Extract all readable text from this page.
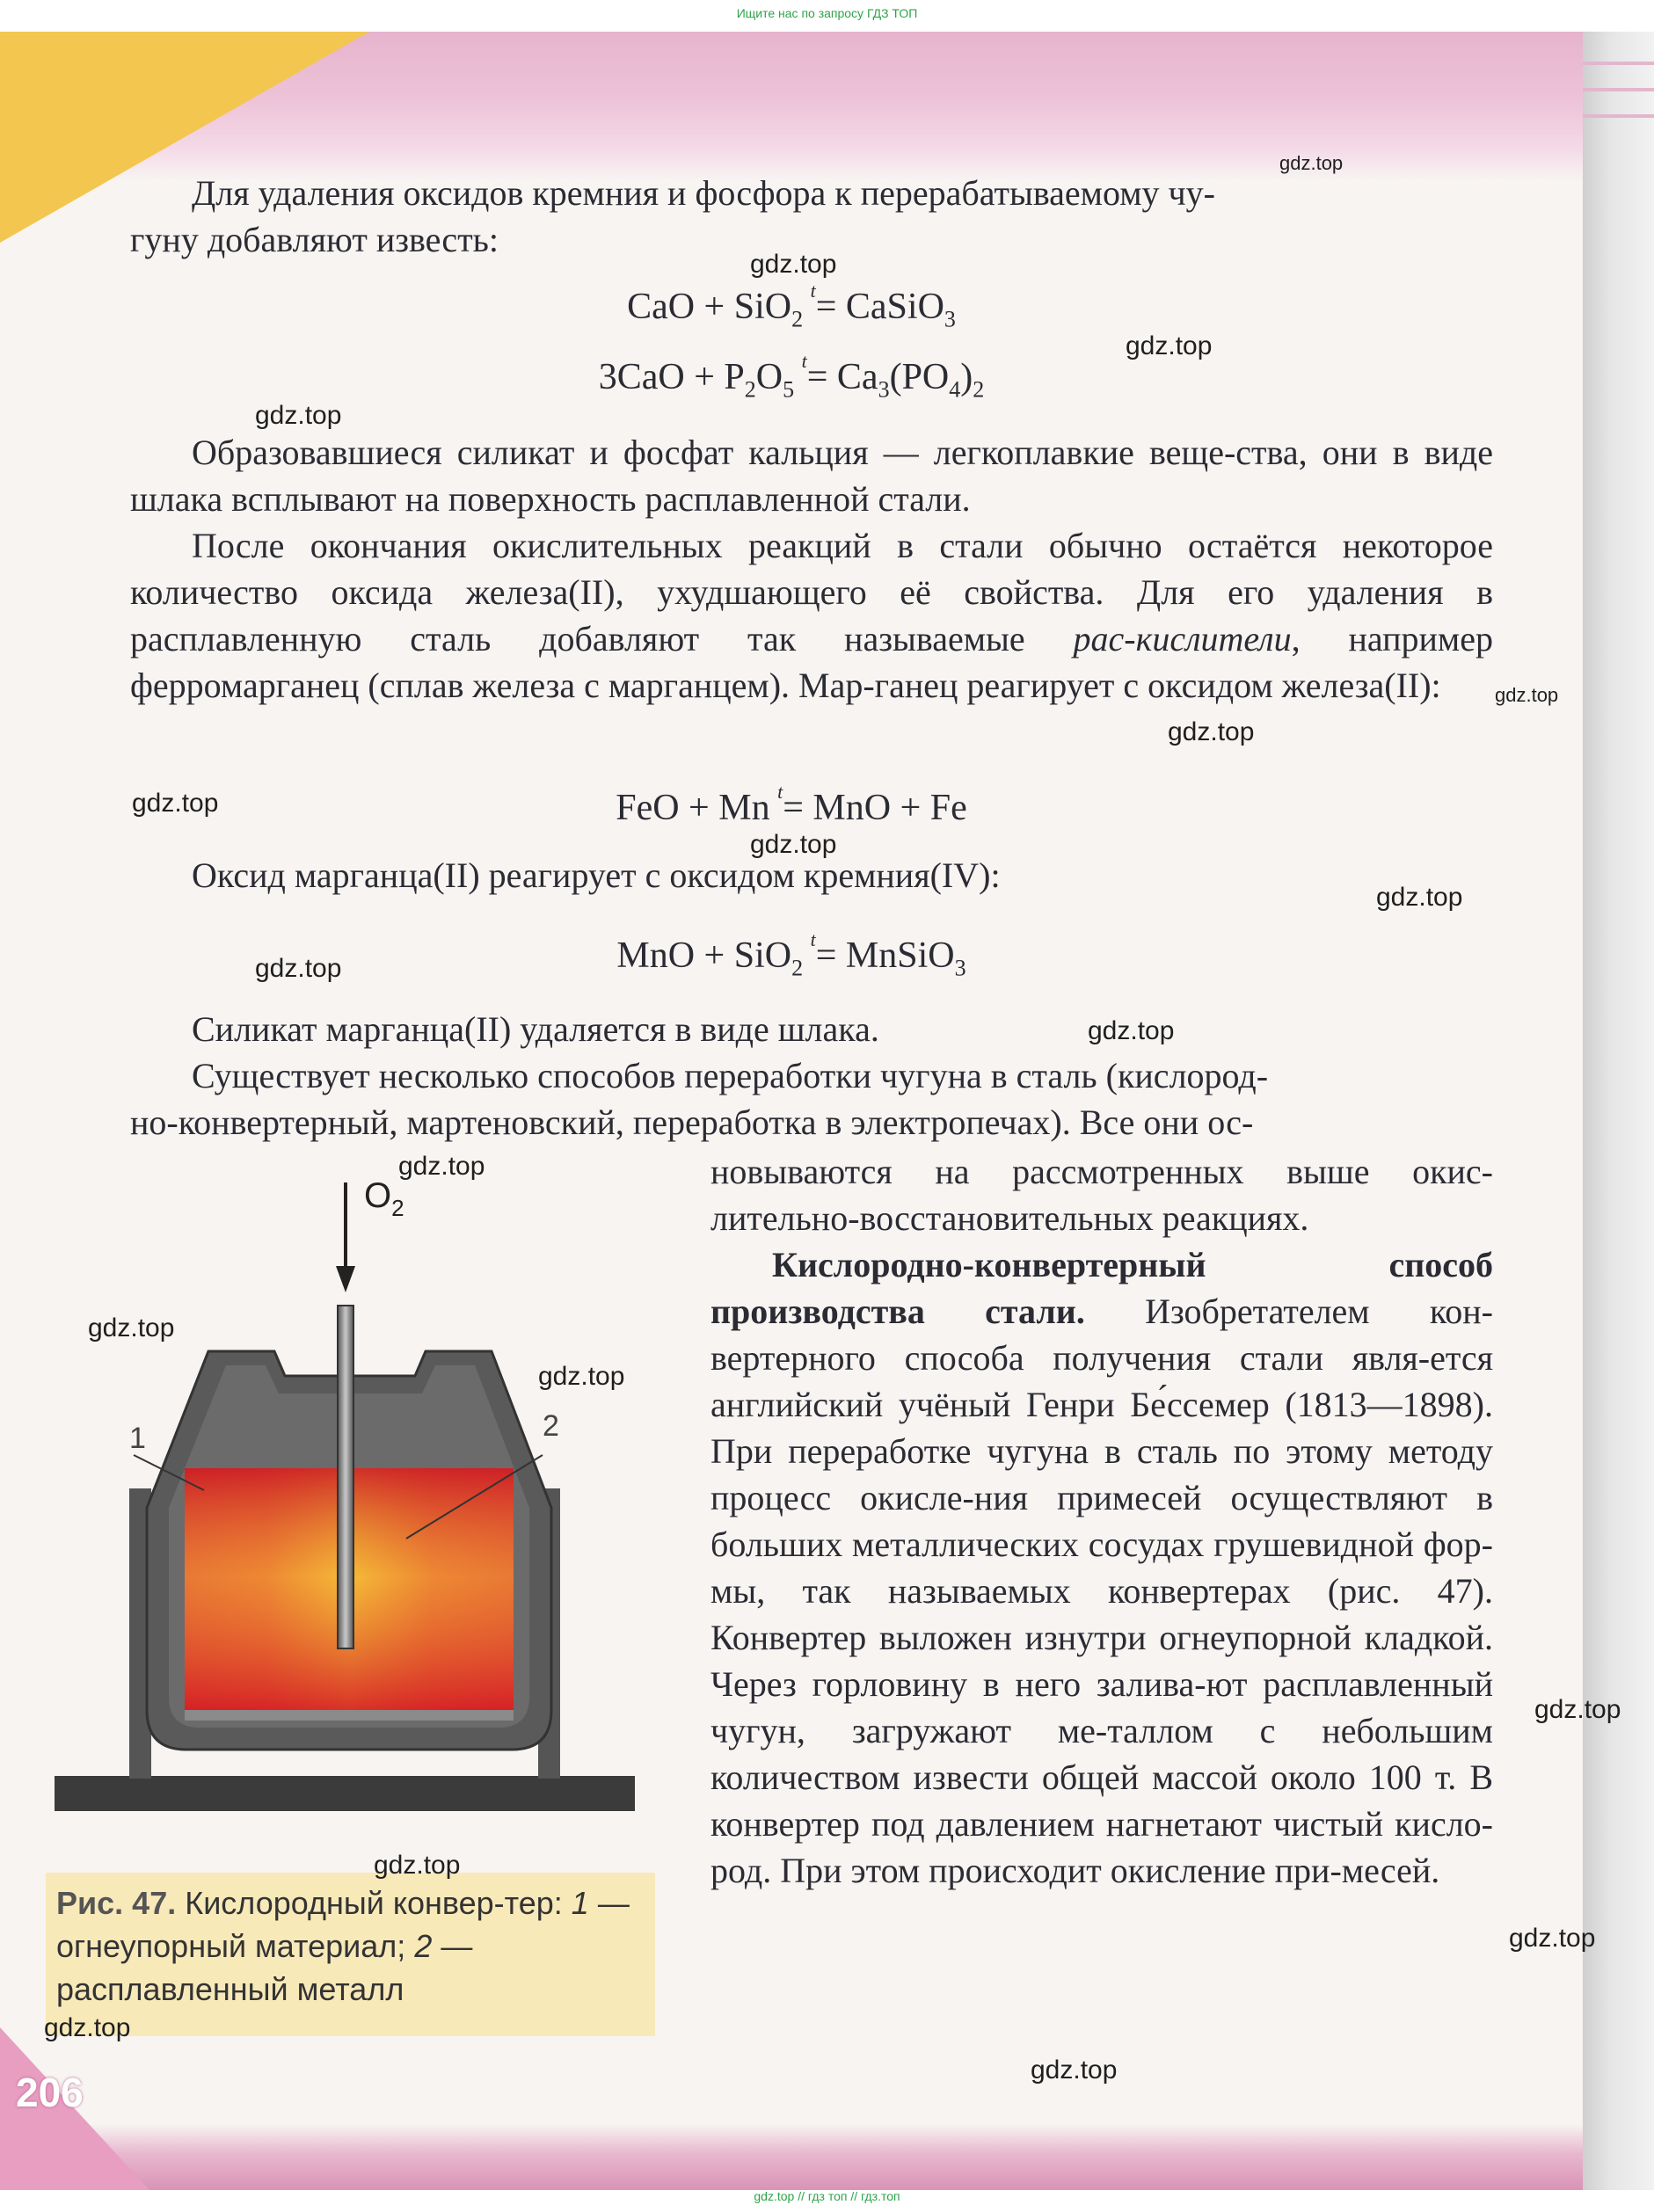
Ищите нас по запросу ГДЗ ТОП
206
Для удаления оксидов кремния и фосфора к перерабатываемому чу-
гуну добавляют известь:
CaO + SiO$_2$ $^t$= CaSiO$_3$
$3CaO + P_2O_5$ $^t= Ca_3(PO_4)_2$

Образовавшиеся силикат и фосфат кальция — легкоплавкие веще-ства, они в виде шлака всплывают на поверхность расплавленной стали.

После окончания окислительных реакций в стали обычно остаётся некоторое количество оксида железа(II), ухудшающего её свойства. Для его удаления в расплавленную сталь добавляют так называемые рас-кислители, например ферромарганец (сплав железа с марганцем). Мар-ганец реагирует с оксидом железа(II):

FeO + Mn $^t$= MnO + Fe
Оксид марганца(II) реагирует с оксидом кремния(IV):
MnO + SiO$_2$ $^t$= MnSiO$_3$
Силикат марганца(II) удаляется в виде шлака.
Существует несколько способов переработки чугуна в сталь (кислород-
но-конвертерный, мартеновский, переработка в электропечах). Все они ос-
новываются на рассмотренных выше окис-лительно-восстановительных реакциях.
Кислородно-конвертерный способ производства стали. Изобретателем кон-вертерного способа получения стали явля-ется английский учёный Генри Бе́ссемер (1813—1898). При переработке чугуна в сталь по этому методу процесс окисле-ния примесей осуществляют в больших металлических сосудах грушевидной фор-мы, так называемых конвертерах (рис. 47). Конвертер выложен изнутри огнеупорной кладкой. Через горловину в него залива-ют расплавленный чугун, загружают ме-таллом с небольшим количеством извести общей массой около 100 т. В конвертер под давлением нагнетают чистый кисло-род. При этом происходит окисление при-месей.
$O_2$
1	2
Рис. 47. Кислородный конвер-тер: 1 — огнеупорный материал; 2 — расплавленный металл
gdz.top
gdz.top
gdz.top
gdz.top
gdz.top
gdz.top
gdz.top
gdz.top
gdz.top
gdz.top
gdz.top
gdz.top
gdz.top
gdz.top
gdz.top
gdz.top
gdz.top
gdz.top
gdz.top
gdz.top // гдз топ // гдз.топ
